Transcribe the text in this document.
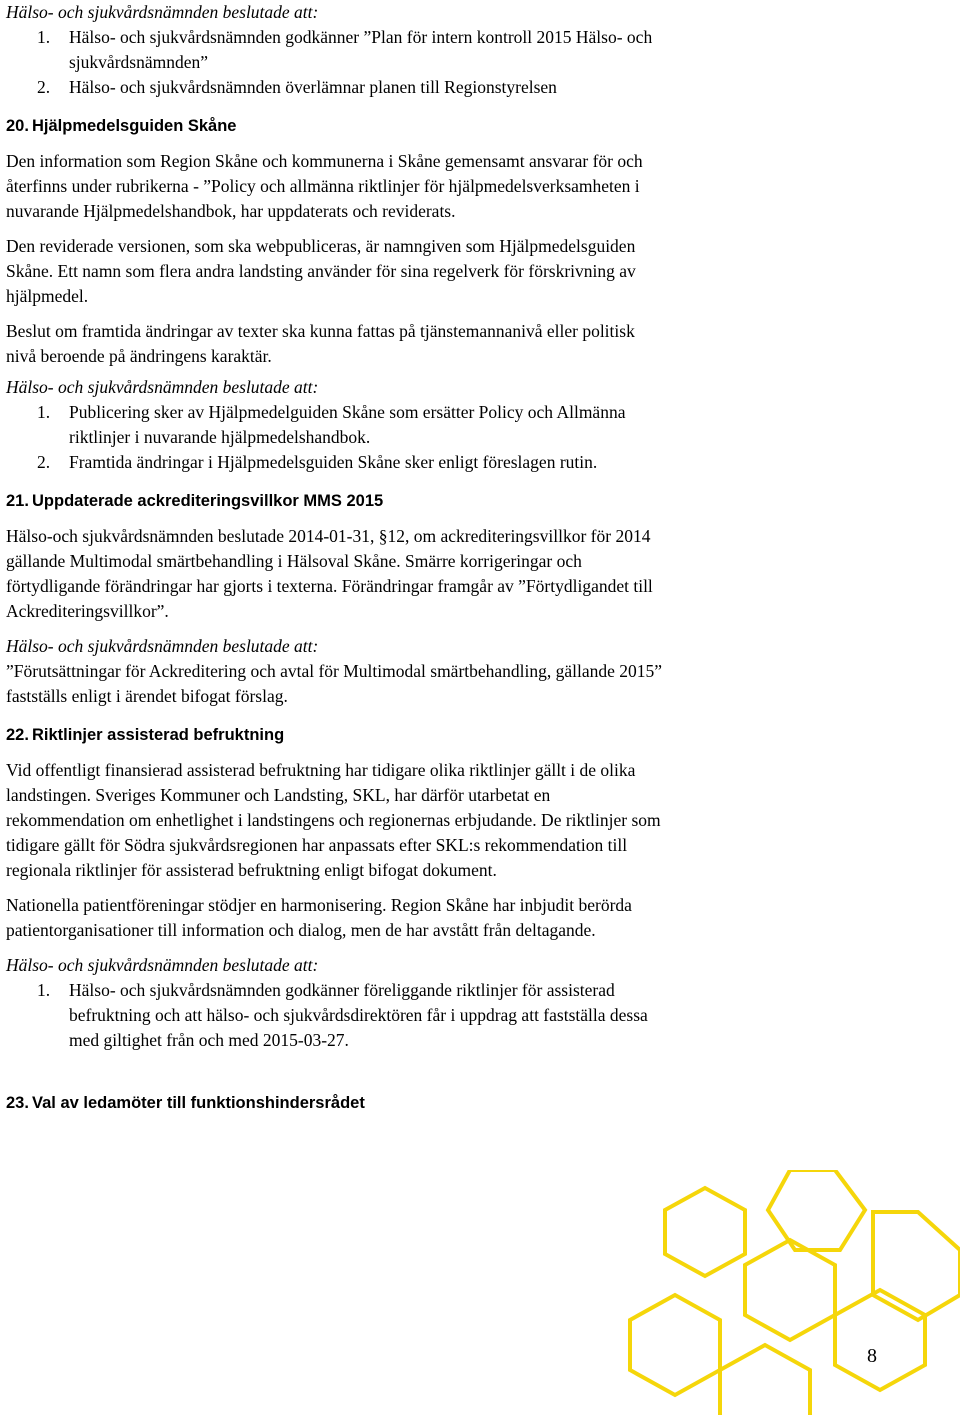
Hälso- och sjukvårdsnämnden beslutade att:
1. Hälso- och sjukvårdsnämnden godkänner ”Plan för intern kontroll 2015 Hälso- och
sjukvårdsnämnden”
2. Hälso- och sjukvårdsnämnden överlämnar planen till Regionstyrelsen
20. Hjälpmedelsguiden Skåne
Den information som Region Skåne och kommunerna i Skåne gemensamt ansvarar för och
återfinns under rubrikerna - ”Policy och allmänna riktlinjer för hjälpmedelsverksamheten i
nuvarande Hjälpmedelshandbok, har uppdaterats och reviderats.
Den reviderade versionen, som ska webpubliceras, är namngiven som Hjälpmedelsguiden
Skåne. Ett namn som flera andra landsting använder för sina regelverk för förskrivning av
hjälpmedel.
Beslut om framtida ändringar av texter ska kunna fattas på tjänstemannanivå eller politisk
nivå beroende på ändringens karaktär.
Hälso- och sjukvårdsnämnden beslutade att:
1. Publicering sker av Hjälpmedelguiden Skåne som ersätter Policy och Allmänna
riktlinjer i nuvarande hjälpmedelshandbok.
2. Framtida ändringar i Hjälpmedelsguiden Skåne sker enligt föreslagen rutin.
21. Uppdaterade ackrediteringsvillkor MMS 2015
Hälso-och sjukvårdsnämnden beslutade 2014-01-31, §12, om ackrediteringsvillkor för 2014
gällande Multimodal smärtbehandling i Hälsoval Skåne. Smärre korrigeringar och
förtydligande förändringar har gjorts i texterna. Förändringar framgår av ”Förtydligandet till
Ackrediteringsvillkor”.
Hälso- och sjukvårdsnämnden beslutade att:
”Förutsättningar för Ackreditering och avtal för Multimodal smärtbehandling, gällande 2015”
fastställs enligt i ärendet bifogat förslag.
22. Riktlinjer assisterad befruktning
Vid offentligt finansierad assisterad befruktning har tidigare olika riktlinjer gällt i de olika
landstingen. Sveriges Kommuner och Landsting, SKL, har därför utarbetat en
rekommendation om enhetlighet i landstingens och regionernas erbjudande. De riktlinjer som
tidigare gällt för Södra sjukvårdsregionen har anpassats efter SKL:s rekommendation till
regionala riktlinjer för assisterad befruktning enligt bifogat dokument.
Nationella patientföreningar stödjer en harmonisering. Region Skåne har inbjudit berörda
patientorganisationer till information och dialog, men de har avstått från deltagande.
Hälso- och sjukvårdsnämnden beslutade att:
1. Hälso- och sjukvårdsnämnden godkänner föreliggande riktlinjer för assisterad
befruktning och att hälso- och sjukvårdsdirektören får i uppdrag att fastställa dessa
med giltighet från och med 2015-03-27.
23. Val av ledamöter till funktionshindersrådet
8
